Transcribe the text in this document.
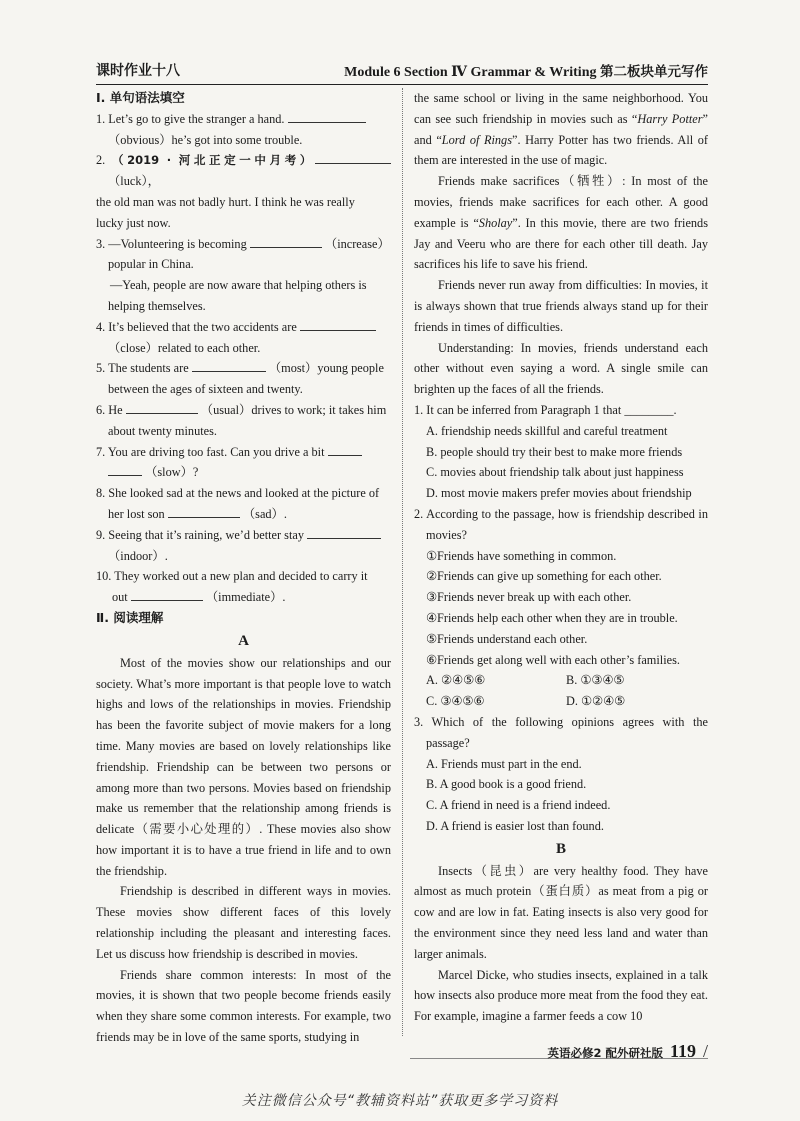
课时作业十八	Module 6 Section Ⅳ Grammar & Writing 第二板块单元写作
Ⅰ. 单句语法填空
1. Let’s go to give the stranger a hand.
（obvious）he’s got into some trouble.
2. （2019 · 河北正定一中月考）（luck），
the old man was not badly hurt. I think he was really
lucky just now.
3. —Volunteering is becoming	（increase）
popular in China.
—Yeah, people are now aware that helping others is
helping themselves.
4. It’s believed that the two accidents are
（close）related to each other.
5. The students are	（most）young people
between the ages of sixteen and twenty.
6. He	（usual）drives to work; it takes him
about twenty minutes.
7. You are driving too fast. Can you drive a bit
（slow）?
8. She looked sad at the news and looked at the picture of
her lost son	（sad）.
9. Seeing that it’s raining, we’d better stay
（indoor）.
10. They worked out a new plan and decided to carry it
out	（immediate）.
Ⅱ. 阅读理解
A
Most of the movies show our relationships and our society. What’s more important is that people love to watch highs and lows of the relationships in movies. Friendship has been the favorite subject of movie makers for a long time. Many movies are based on lovely relationships like friendship. Friendship can be between two persons or among more than two persons. Movies based on friendship make us remember that the relationship among friends is delicate（需要小心处理的）. These movies also show how important it is to have a true friend in life and to own the friendship.
Friendship is described in different ways in movies. These movies show different faces of this lovely relationship including the pleasant and interesting faces. Let us discuss how friendship is described in movies.
Friends share common interests: In most of the movies, it is shown that two people become friends easily when they share some common interests. For example, two friends may be in love of the same sports, studying in
the same school or living in the same neighborhood. You can see such friendship in movies such as “Harry Potter” and “Lord of Rings”. Harry Potter has two friends. All of them are interested in the use of magic.
Friends make sacrifices（牺牲）: In most of the movies, friends make sacrifices for each other. A good example is “Sholay”. In this movie, there are two friends Jay and Veeru who are there for each other till death. Jay sacrifices his life to save his friend.
Friends never run away from difficulties: In movies, it is always shown that true friends always stand up for their friends in times of difficulties.
Understanding: In movies, friends understand each other without even saying a word. A single smile can brighten up the faces of all the friends.
1. It can be inferred from Paragraph 1 that ________.
A. friendship needs skillful and careful treatment
B. people should try their best to make more friends
C. movies about friendship talk about just happiness
D. most movie makers prefer movies about friendship
2. According to the passage, how is friendship described in movies?
①Friends have something in common.
②Friends can give up something for each other.
③Friends never break up with each other.
④Friends help each other when they are in trouble.
⑤Friends understand each other.
⑥Friends get along well with each other’s families.
A. ②④⑤⑥	B. ①③④⑤
C. ③④⑤⑥	D. ①②④⑤
3. Which of the following opinions agrees with the passage?
A. Friends must part in the end.
B. A good book is a good friend.
C. A friend in need is a friend indeed.
D. A friend is easier lost than found.
B
Insects（昆虫）are very healthy food. They have almost as much protein（蛋白质）as meat from a pig or cow and are low in fat. Eating insects is also very good for the environment since they need less land and water than larger animals.
Marcel Dicke, who studies insects, explained in a talk how insects also produce more meat from the food they eat. For example, imagine a farmer feeds a cow 10
英语必修2 配外研社版 119 /
关注微信公众号“教辅资料站”获取更多学习资料
